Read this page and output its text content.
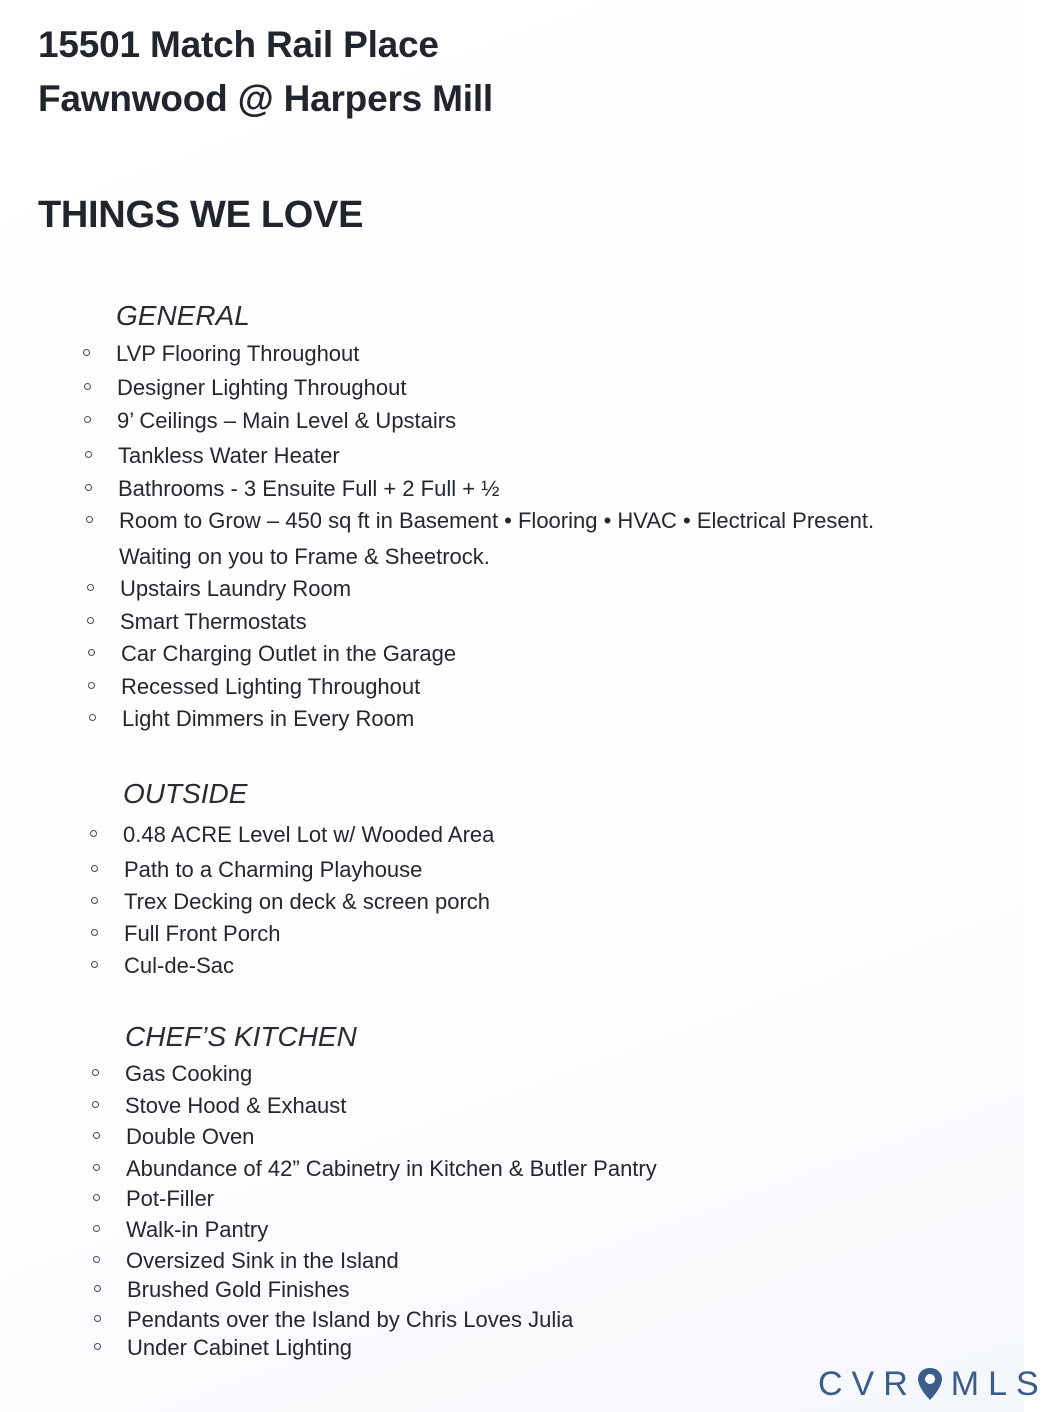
15501 Match Rail Place
Fawnwood @ Harpers Mill
THINGS WE LOVE
GENERAL
LVP Flooring Throughout
Designer Lighting Throughout
9’ Ceilings – Main Level & Upstairs
Tankless Water Heater
Bathrooms - 3 Ensuite Full + 2 Full + ½
Room to Grow – 450 sq ft in Basement • Flooring • HVAC • Electrical Present.
Waiting on you to Frame & Sheetrock.
Upstairs Laundry Room
Smart Thermostats
Car Charging Outlet in the Garage
Recessed Lighting Throughout
Light Dimmers in Every Room
OUTSIDE
0.48 ACRE Level Lot w/ Wooded Area
Path to a Charming Playhouse
Trex Decking on deck & screen porch
Full Front Porch
Cul-de-Sac
CHEF’S KITCHEN
Gas Cooking
Stove Hood & Exhaust
Double Oven
Abundance of 42” Cabinetry in Kitchen & Butler Pantry
Pot-Filler
Walk-in Pantry
Oversized Sink in the Island
Brushed Gold Finishes
Pendants over the Island by Chris Loves Julia
Under Cabinet Lighting
CVR MLS
